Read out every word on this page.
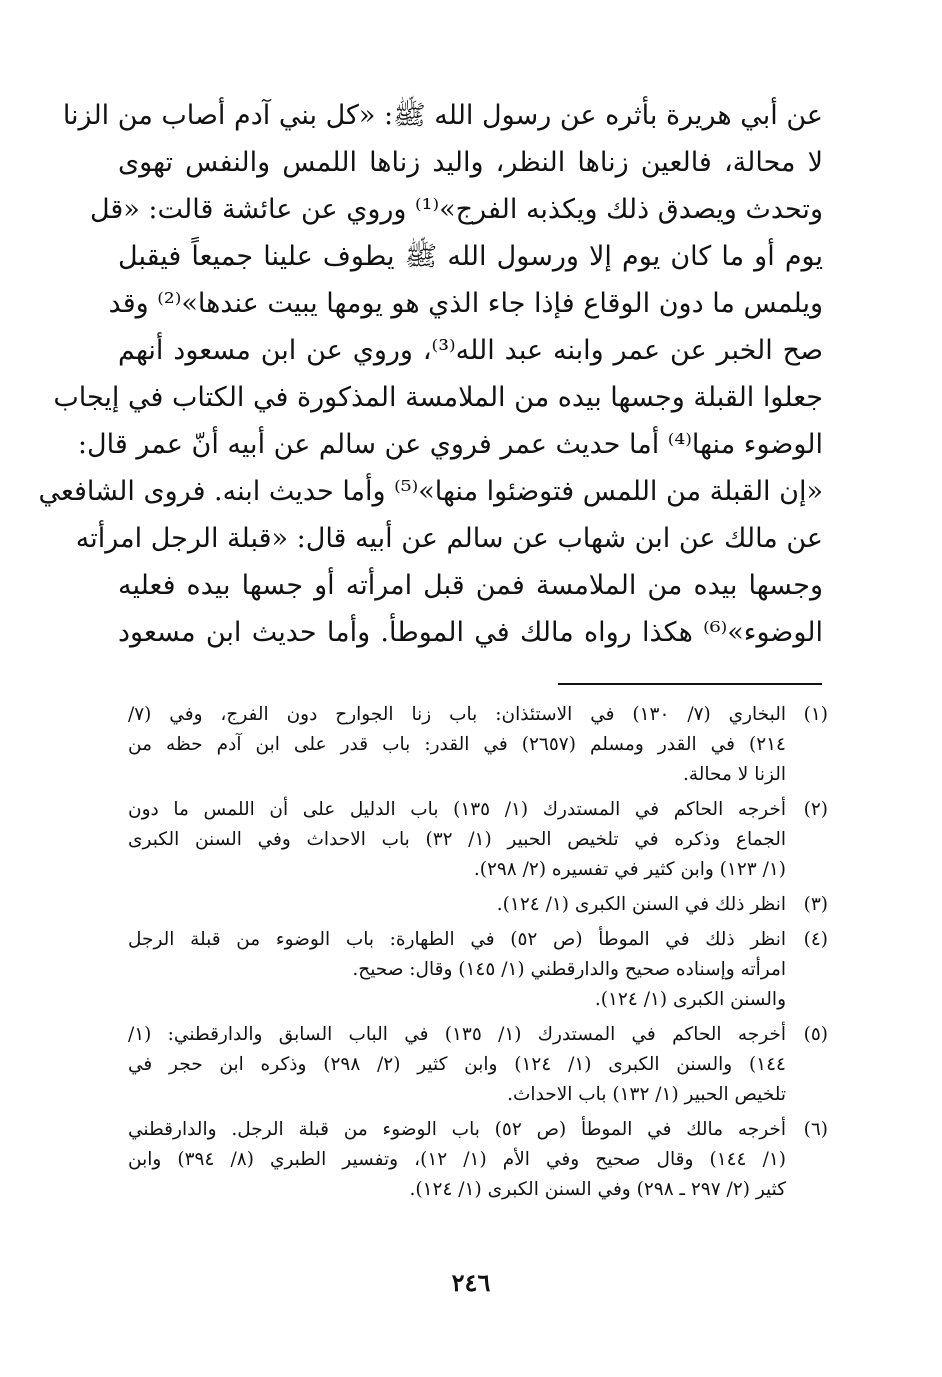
عن أبي هريرة بأثره عن رسول الله ﷺ: «كل بني آدم أصاب من الزنا
لا محالة، فالعين زناها النظر، واليد زناها اللمس والنفس تهوى
وتحدث ويصدق ذلك ويكذبه الفرج»⁽¹⁾ وروي عن عائشة قالت: «قل
يوم أو ما كان يوم إلا ورسول الله ﷺ يطوف علينا جميعاً فيقبل
ويلمس ما دون الوقاع فإذا جاء الذي هو يومها يبيت عندها»⁽²⁾ وقد
صح الخبر عن عمر وابنه عبد الله⁽³⁾، وروي عن ابن مسعود أنهم
جعلوا القبلة وجسها بيده من الملامسة المذكورة في الكتاب في إيجاب
الوضوء منها⁽⁴⁾ أما حديث عمر فروي عن سالم عن أبيه أنّ عمر قال:
«إن القبلة من اللمس فتوضئوا منها»⁽⁵⁾ وأما حديث ابنه. فروى الشافعي
عن مالك عن ابن شهاب عن سالم عن أبيه قال: «قبلة الرجل امرأته
وجسها بيده من الملامسة فمن قبل امرأته أو جسها بيده فعليه
الوضوء»⁽⁶⁾ هكذا رواه مالك في الموطأ. وأما حديث ابن مسعود
(١)
البخاري (٧/ ١٣٠) في الاستئذان: باب زنا الجوارح دون الفرج، وفي (٧/
٢١٤) في القدر ومسلم (٢٦٥٧) في القدر: باب قدر على ابن آدم حظه من
الزنا لا محالة.
(٢)
أخرجه الحاكم في المستدرك (١/ ١٣٥) باب الدليل على أن اللمس ما دون
الجماع وذكره في تلخيص الحبير (١/ ٣٢) باب الاحداث وفي السنن الكبرى
(١/ ١٢٣) وابن كثير في تفسيره (٢/ ٢٩٨).
(٣)
انظر ذلك في السنن الكبرى (١/ ١٢٤).
(٤)
انظر ذلك في الموطأ (ص ٥٢) في الطهارة: باب الوضوء من قبلة الرجل
امرأته وإسناده صحيح والدارقطني (١/ ١٤٥) وقال: صحيح.
والسنن الكبرى (١/ ١٢٤).
(٥)
أخرجه الحاكم في المستدرك (١/ ١٣٥) في الباب السابق والدارقطني: (١/
١٤٤) والسنن الكبرى (١/ ١٢٤) وابن كثير (٢/ ٢٩٨) وذكره ابن حجر في
تلخيص الحبير (١/ ١٣٢) باب الاحداث.
(٦)
أخرجه مالك في الموطأ (ص ٥٢) باب الوضوء من قبلة الرجل. والدارقطني
(١/ ١٤٤) وقال صحيح وفي الأم (١/ ١٢)، وتفسير الطبري (٨/ ٣٩٤) وابن
كثير (٢/ ٢٩٧ ـ ٢٩٨) وفي السنن الكبرى (١/ ١٢٤).
٢٤٦
